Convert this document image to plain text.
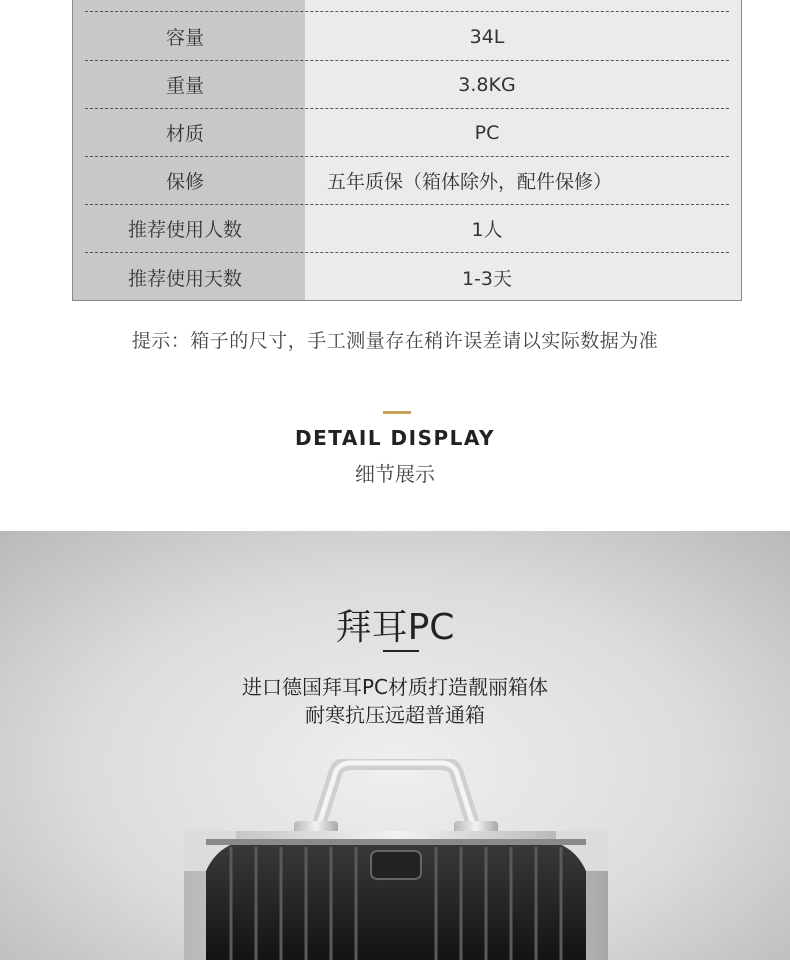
容量	34L
重量	3.8KG
材质	PC
保修	五年质保（箱体除外，配件保修）
推荐使用人数	1人
推荐使用天数	1-3天
提示：箱子的尺寸，手工测量存在稍许误差请以实际数据为准
DETAIL DISPLAY
细节展示
拜耳PC
进口德国拜耳PC材质打造靓丽箱体
耐寒抗压远超普通箱
